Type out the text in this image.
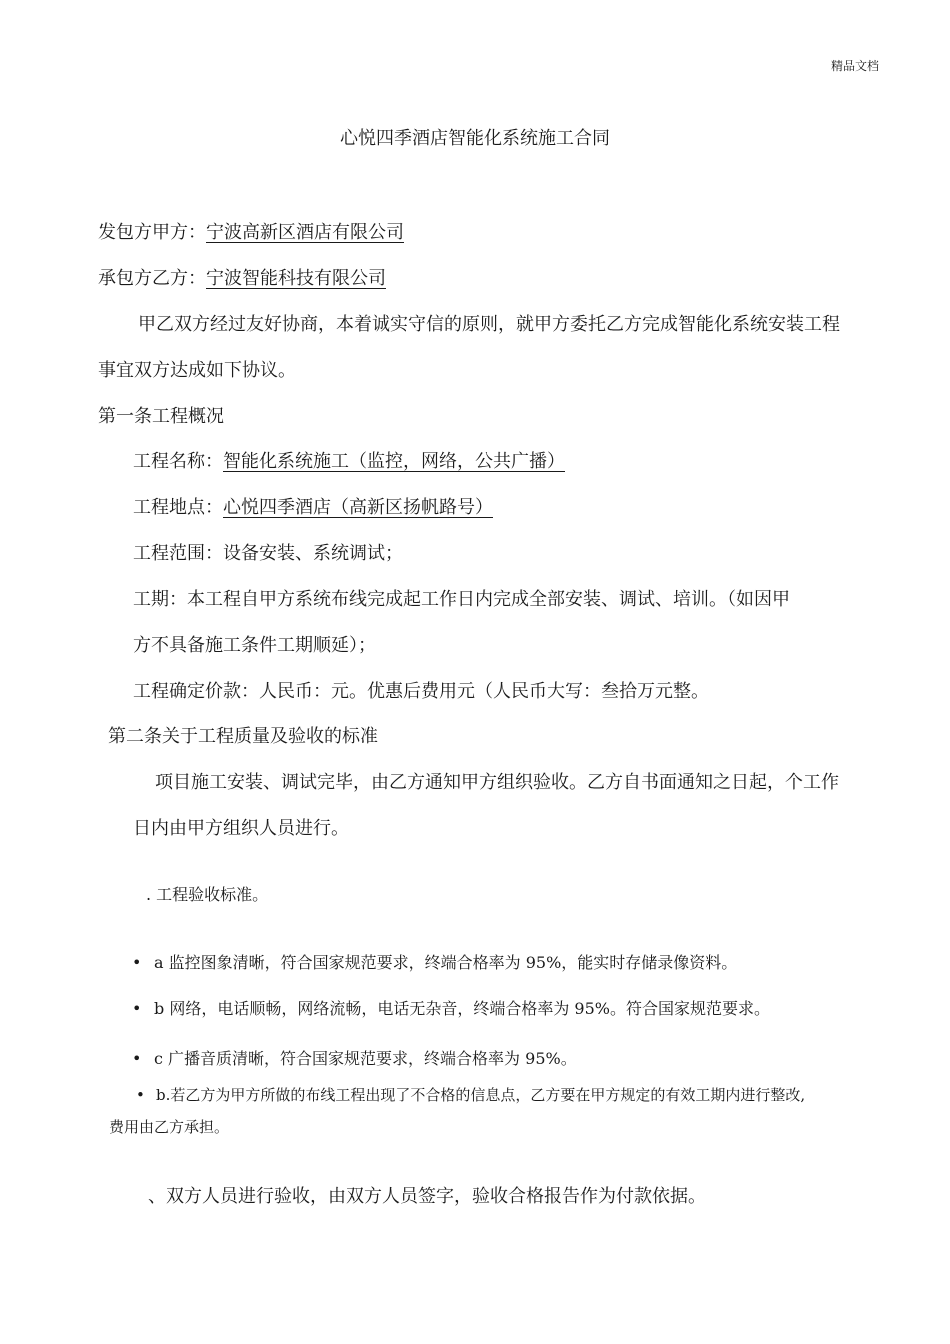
精品文档
心悦四季酒店智能化系统施工合同
发包方甲方：宁波高新区酒店有限公司
承包方乙方：宁波智能科技有限公司
甲乙双方经过友好协商，本着诚实守信的原则，就甲方委托乙方完成智能化系统安装工程
事宜双方达成如下协议。
第一条工程概况
工程名称：智能化系统施工（监控，网络，公共广播）
工程地点：心悦四季酒店（高新区扬帆路号）
工程范围：设备安装、系统调试；
工期：本工程自甲方系统布线完成起工作日内完成全部安装、调试、培训。（如因甲
方不具备施工条件工期顺延）；
工程确定价款：人民币：元。优惠后费用元（人民币大写：叁拾万元整。
第二条关于工程质量及验收的标准
项目施工安装、调试完毕，由乙方通知甲方组织验收。乙方自书面通知之日起，个工作
日内由甲方组织人员进行。
. 工程验收标准。
• a 监控图象清晰，符合国家规范要求，终端合格率为 95%，能实时存储录像资料。
• b 网络，电话顺畅，网络流畅，电话无杂音，终端合格率为 95%。符合国家规范要求。
• c 广播音质清晰，符合国家规范要求，终端合格率为 95%。
• b.若乙方为甲方所做的布线工程出现了不合格的信息点，乙方要在甲方规定的有效工期内进行整改,
费用由乙方承担。
、双方人员进行验收，由双方人员签字，验收合格报告作为付款依据。
